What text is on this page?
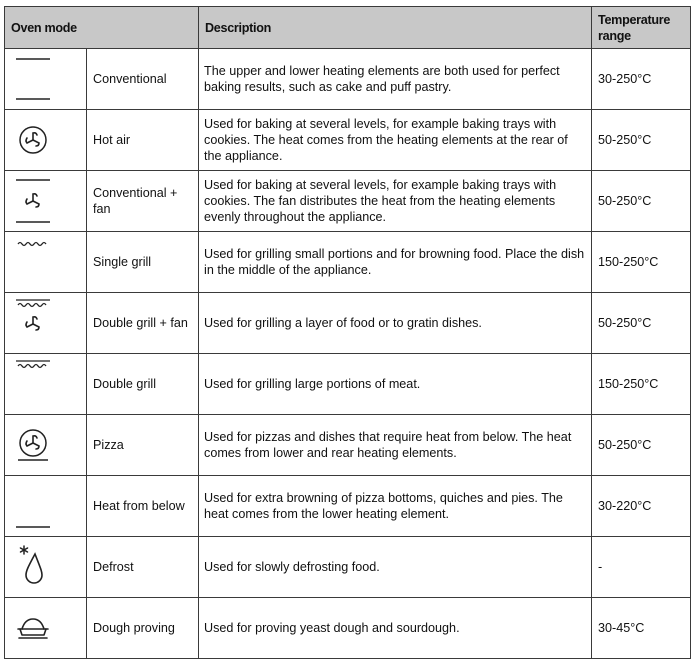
Oven mode		Description	Temperature range

	Conventional	The upper and lower heating elements are both used for perfect baking results, such as cake and puff pastry.	30-250°C

	Hot air	Used for baking at several levels, for example baking trays with cookies. The heat comes from the heating elements at the rear of the appliance.	50-250°C

	Conventional + fan	Used for baking at several levels, for example baking trays with cookies. The fan distributes the heat from the heating elements evenly throughout the appliance.	50-250°C

	Single grill	Used for grilling small portions and for browning food. Place the dish in the middle of the appliance.	150-250°C

	Double grill + fan	Used for grilling a layer of food or to gratin dishes.	50-250°C

	Double grill	Used for grilling large portions of meat.	150-250°C

	Pizza	Used for pizzas and dishes that require heat from below. The heat comes from lower and rear heating elements.	50-250°C

	Heat from below	Used for extra browning of pizza bottoms, quiches and pies. The heat comes from the lower heating element.	30-220°C

	Defrost	Used for slowly defrosting food.	-

	Dough proving	Used for proving yeast dough and sourdough.	30-45°C
